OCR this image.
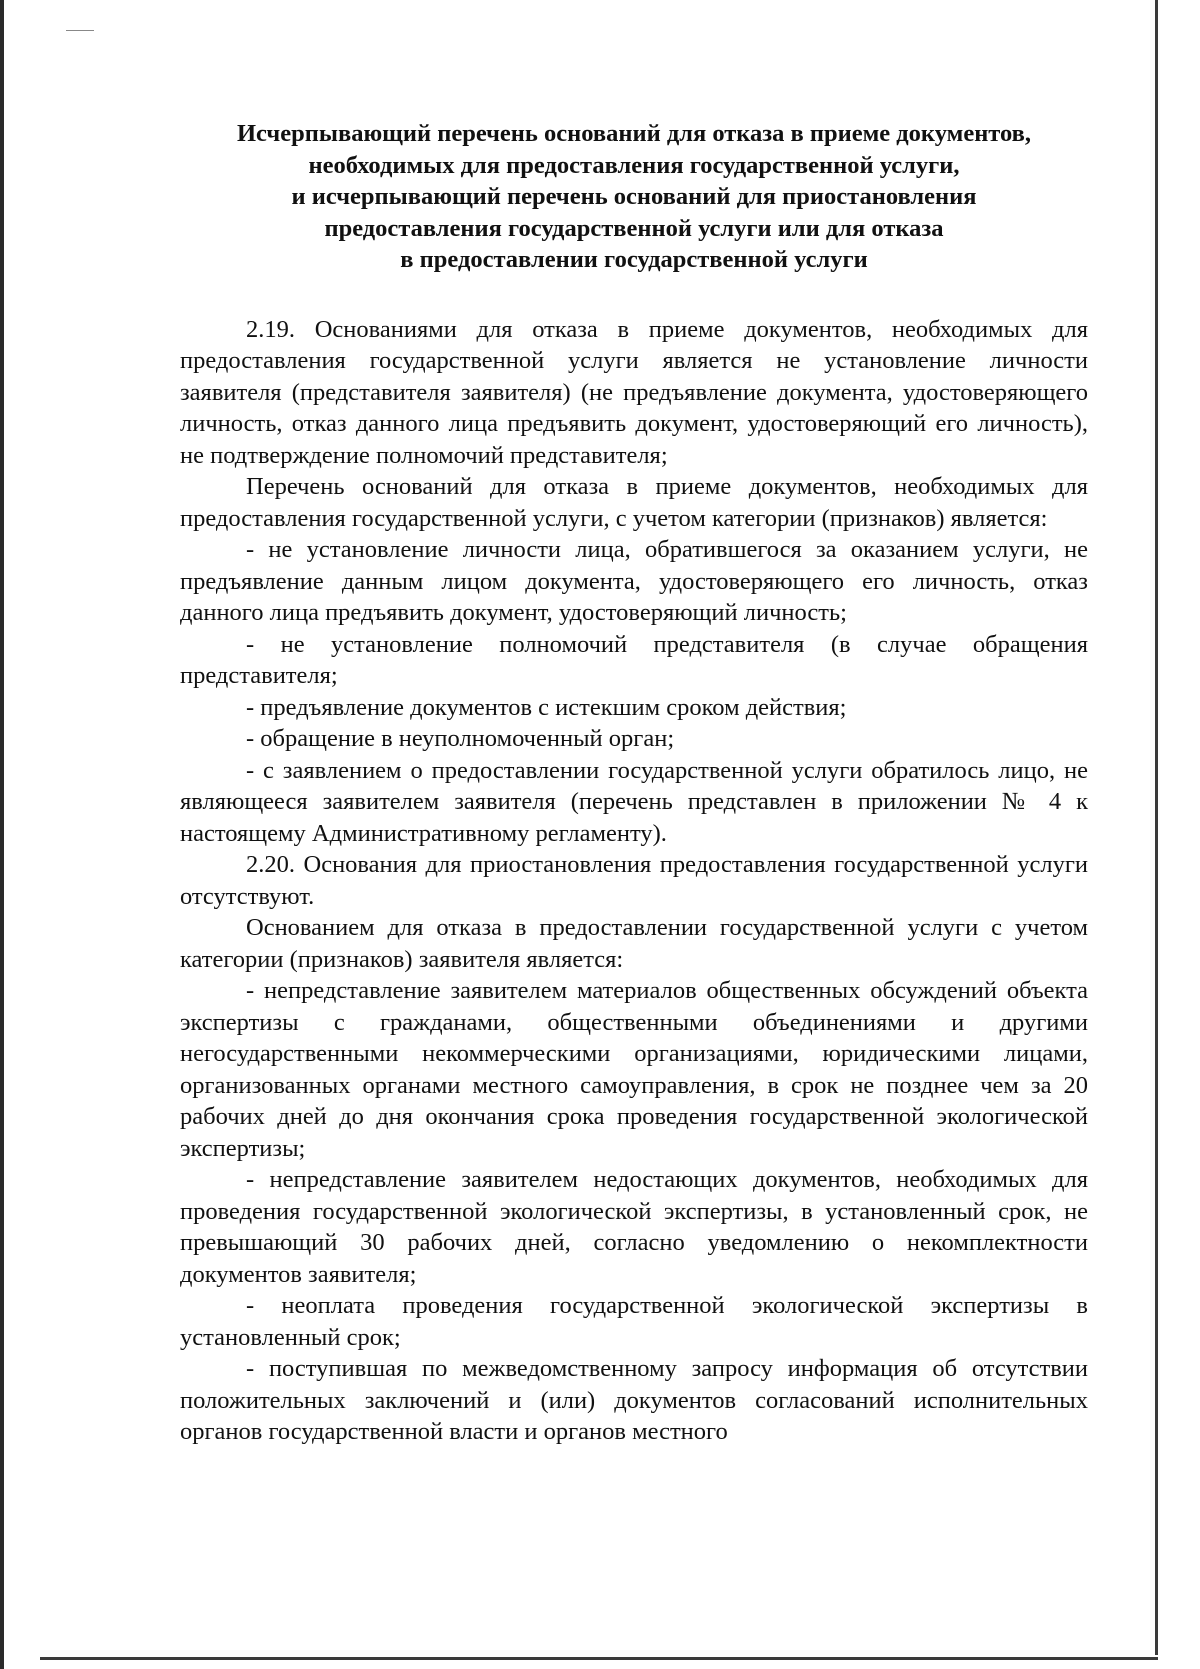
Исчерпывающий перечень оснований для отказа в приеме документов,
необходимых для предоставления государственной услуги,
и исчерпывающий перечень оснований для приостановления
предоставления государственной услуги или для отказа
в предоставлении государственной услуги

2.19. Основаниями для отказа в приеме документов, необходимых для предоставления государственной услуги является не установление личности заявителя (представителя заявителя) (не предъявление документа, удостоверяющего личность, отказ данного лица предъявить документ, удостоверяющий его личность), не подтверждение полномочий представителя;

Перечень оснований для отказа в приеме документов, необходимых для предоставления государственной услуги, с учетом категории (признаков) является:

- не установление личности лица, обратившегося за оказанием услуги, не предъявление данным лицом документа, удостоверяющего его личность, отказ данного лица предъявить документ, удостоверяющий личность;

- не установление полномочий представителя (в случае обращения представителя;

- предъявление документов с истекшим сроком действия;

- обращение в неуполномоченный орган;

- с заявлением о предоставлении государственной услуги обратилось лицо, не являющееся заявителем заявителя (перечень представлен в приложении № 4 к настоящему Административному регламенту).

2.20. Основания для приостановления предоставления государственной услуги отсутствуют.

Основанием для отказа в предоставлении государственной услуги с учетом категории (признаков) заявителя является:

- непредставление заявителем материалов общественных обсуждений объекта экспертизы с гражданами, общественными объединениями и другими негосударственными некоммерческими организациями, юридическими лицами, организованных органами местного самоуправления, в срок не позднее чем за 20 рабочих дней до дня окончания срока проведения государственной экологической экспертизы;

- непредставление заявителем недостающих документов, необходимых для проведения государственной экологической экспертизы, в установленный срок, не превышающий 30 рабочих дней, согласно уведомлению о некомплектности документов заявителя;

- неоплата проведения государственной экологической экспертизы в установленный срок;

- поступившая по межведомственному запросу информация об отсутствии положительных заключений и (или) документов согласований исполнительных органов государственной власти и органов местного
